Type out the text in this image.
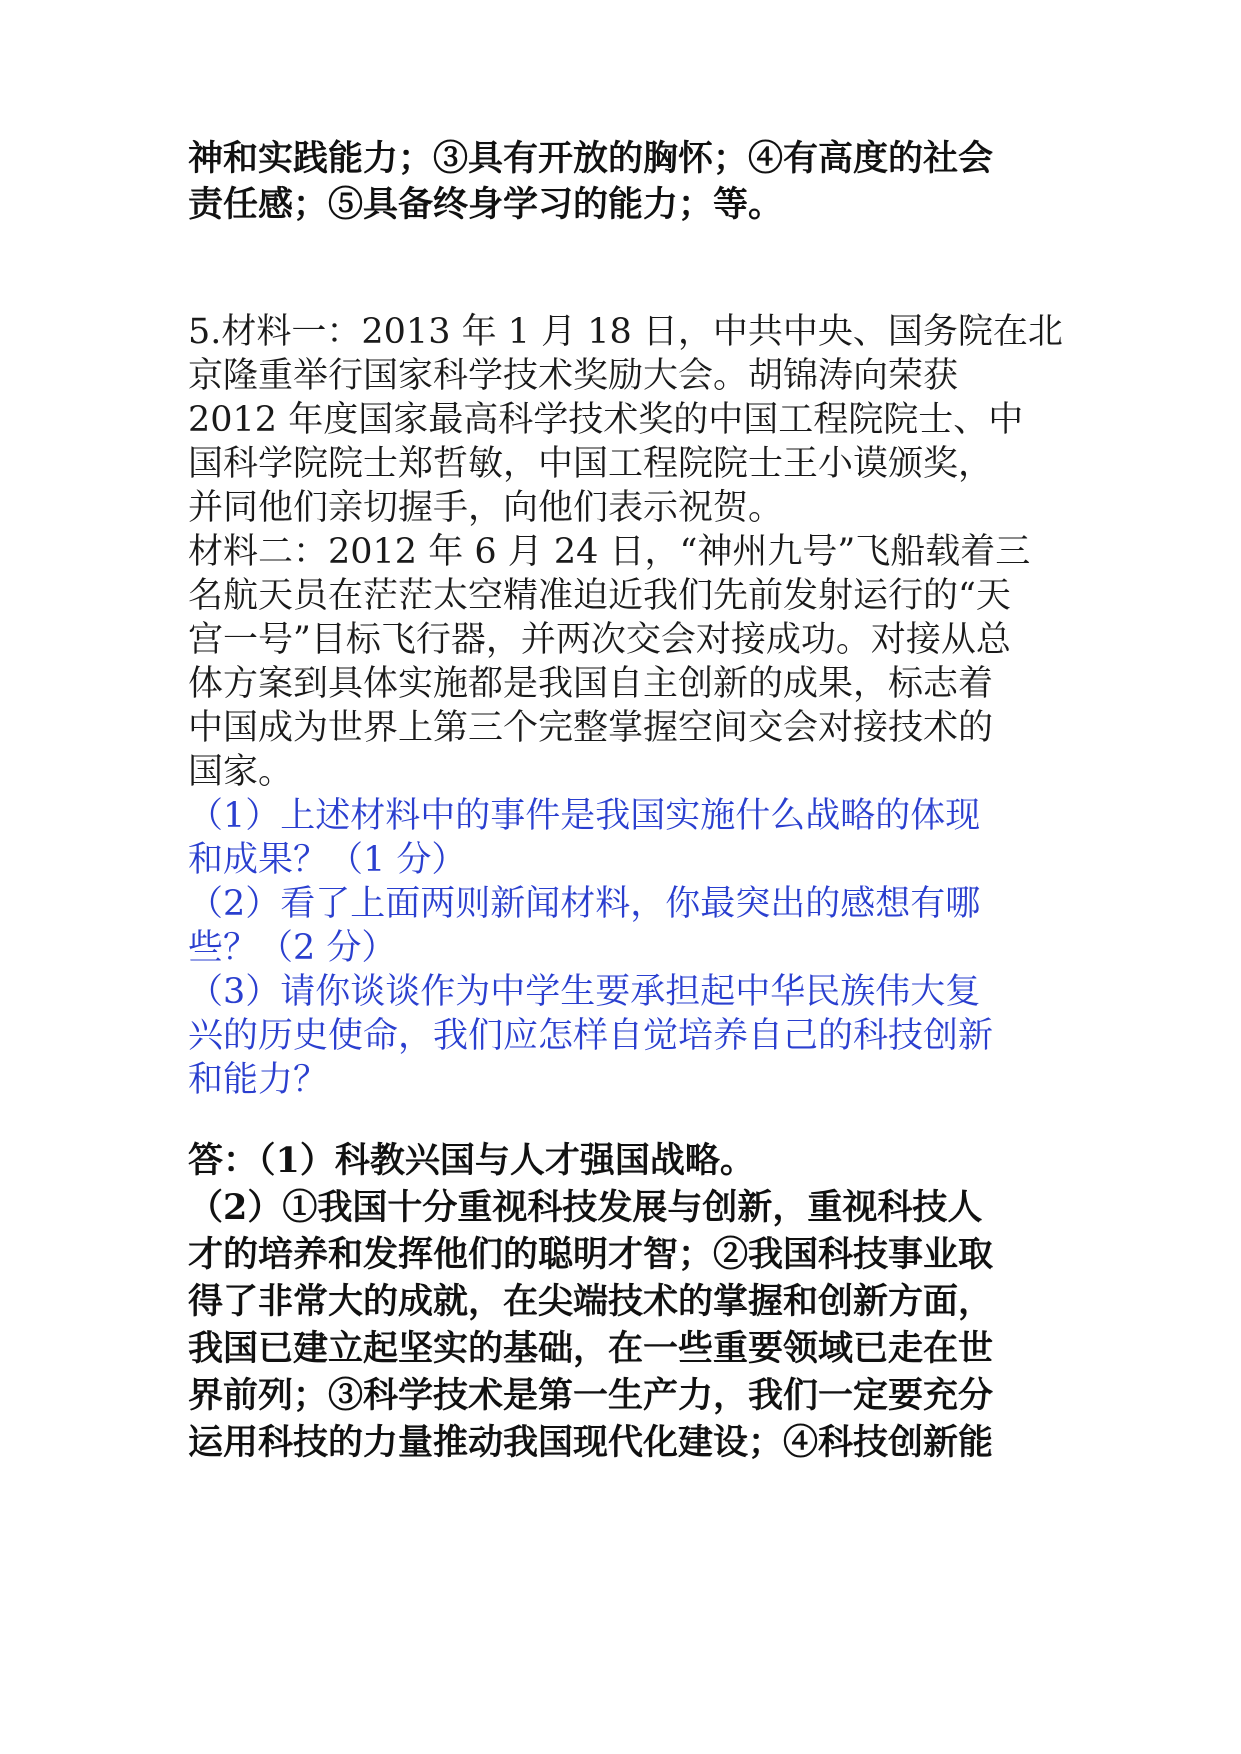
神和实践能力；③具有开放的胸怀；④有高度的社会
责任感；⑤具备终身学习的能力；等。
5.材料一：2013 年 1 月 18 日，中共中央、国务院在北
京隆重举行国家科学技术奖励大会。胡锦涛向荣获
2012 年度国家最高科学技术奖的中国工程院院士、中
国科学院院士郑哲敏，中国工程院院士王小谟颁奖，
并同他们亲切握手，向他们表示祝贺。
材料二：2012 年 6 月 24 日，“神州九号”飞船载着三
名航天员在茫茫太空精准迫近我们先前发射运行的“天
宫一号”目标飞行器，并两次交会对接成功。对接从总
体方案到具体实施都是我国自主创新的成果，标志着
中国成为世界上第三个完整掌握空间交会对接技术的
国家。
（1）上述材料中的事件是我国实施什么战略的体现
和成果？（1 分）
（2）看了上面两则新闻材料，你最突出的感想有哪
些？（2 分）
（3）请你谈谈作为中学生要承担起中华民族伟大复
兴的历史使命，我们应怎样自觉培养自己的科技创新
和能力？
答：（1）科教兴国与人才强国战略。
（2）①我国十分重视科技发展与创新，重视科技人
才的培养和发挥他们的聪明才智；②我国科技事业取
得了非常大的成就，在尖端技术的掌握和创新方面，
我国已建立起坚实的基础，在一些重要领域已走在世
界前列；③科学技术是第一生产力，我们一定要充分
运用科技的力量推动我国现代化建设；④科技创新能
